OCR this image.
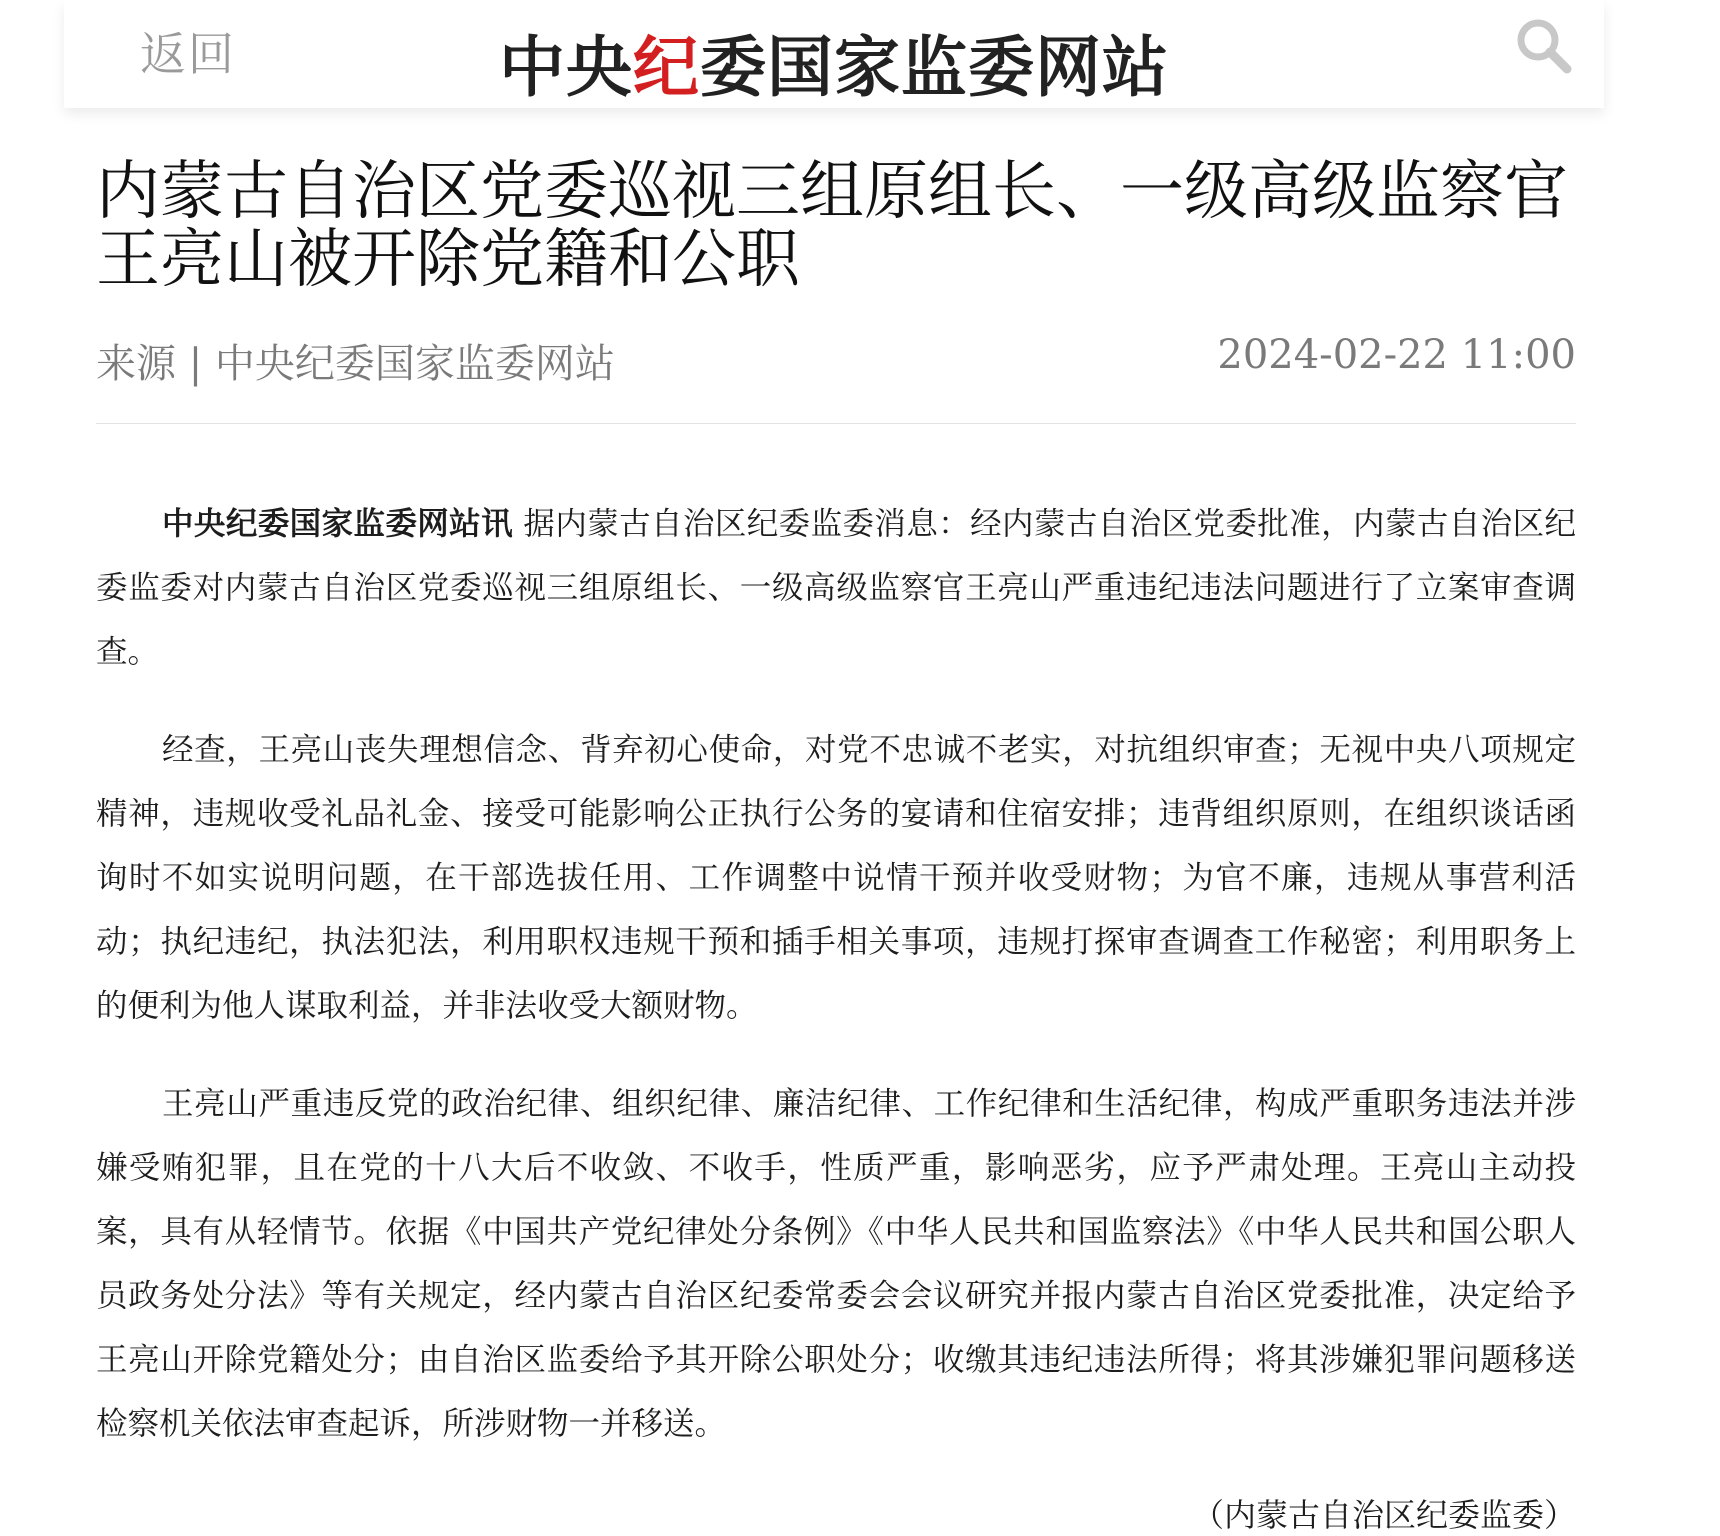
返回	中央纪委国家监委网站
内蒙古自治区党委巡视三组原组长、一级高级监察官王亮山被开除党籍和公职
来源 | 中央纪委国家监委网站	2024-02-22 11:00

中央纪委国家监委网站讯 据内蒙古自治区纪委监委消息：经内蒙古自治区党委批准，内蒙古自治区纪委监委对内蒙古自治区党委巡视三组原组长、一级高级监察官王亮山严重违纪违法问题进行了立案审查调查。

经查，王亮山丧失理想信念、背弃初心使命，对党不忠诚不老实，对抗组织审查；无视中央八项规定精神，违规收受礼品礼金、接受可能影响公正执行公务的宴请和住宿安排；违背组织原则，在组织谈话函询时不如实说明问题，在干部选拔任用、工作调整中说情干预并收受财物；为官不廉，违规从事营利活动；执纪违纪，执法犯法，利用职权违规干预和插手相关事项，违规打探审查调查工作秘密；利用职务上的便利为他人谋取利益，并非法收受大额财物。

王亮山严重违反党的政治纪律、组织纪律、廉洁纪律、工作纪律和生活纪律，构成严重职务违法并涉嫌受贿犯罪，且在党的十八大后不收敛、不收手，性质严重，影响恶劣，应予严肃处理。王亮山主动投案，具有从轻情节。依据《中国共产党纪律处分条例》《中华人民共和国监察法》《中华人民共和国公职人员政务处分法》等有关规定，经内蒙古自治区纪委常委会会议研究并报内蒙古自治区党委批准，决定给予王亮山开除党籍处分；由自治区监委给予其开除公职处分；收缴其违纪违法所得；将其涉嫌犯罪问题移送检察机关依法审查起诉，所涉财物一并移送。

（内蒙古自治区纪委监委）
